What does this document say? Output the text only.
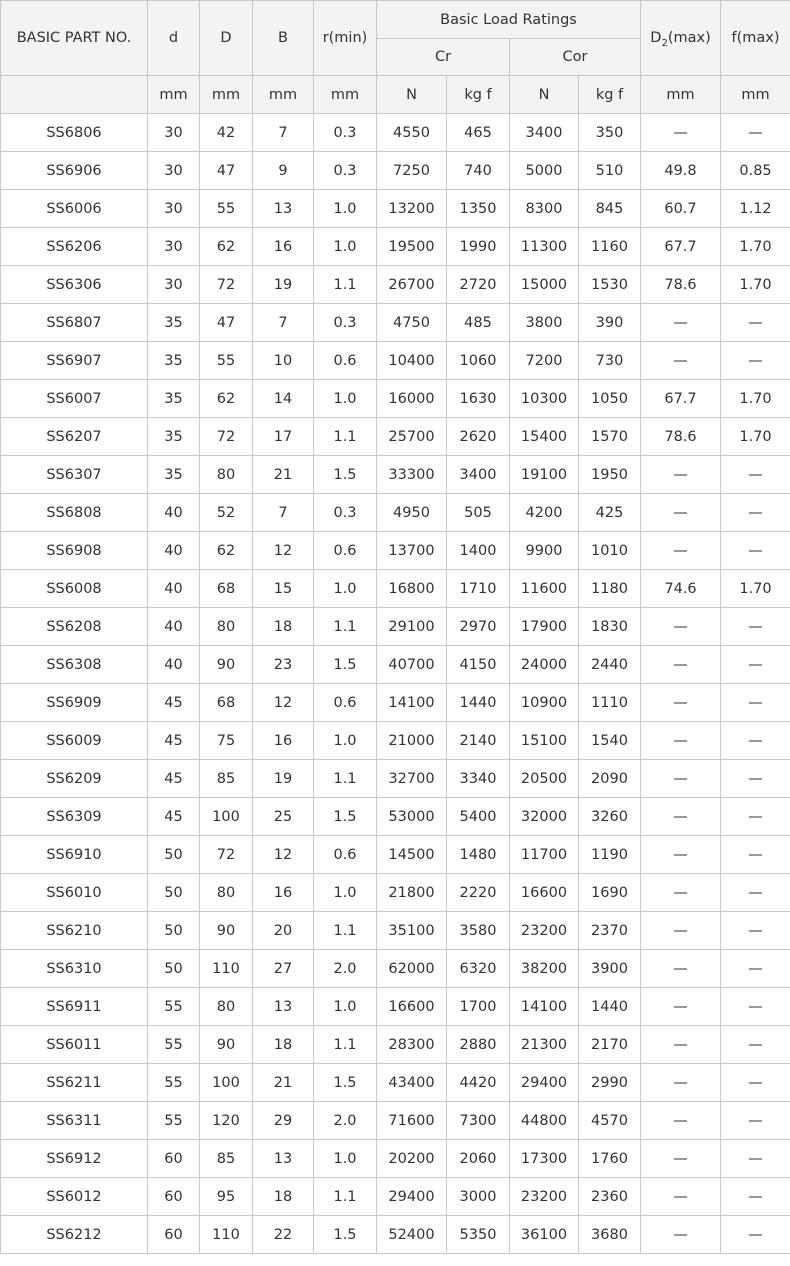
BASIC PART NO.	d	D	B	r(min)	Basic Load Ratings				$D_2(\max)$	f(max)
					Cr		Cor			
	mm	mm	mm	mm	N	kg f	N	kg f	mm	mm
SS6806	30	42	7	0.3	4550	465	3400	350	—	—
SS6906	30	47	9	0.3	7250	740	5000	510	49.8	0.85
SS6006	30	55	13	1.0	13200	1350	8300	845	60.7	1.12
SS6206	30	62	16	1.0	19500	1990	11300	1160	67.7	1.70
SS6306	30	72	19	1.1	26700	2720	15000	1530	78.6	1.70
SS6807	35	47	7	0.3	4750	485	3800	390	—	—
SS6907	35	55	10	0.6	10400	1060	7200	730	—	—
SS6007	35	62	14	1.0	16000	1630	10300	1050	67.7	1.70
SS6207	35	72	17	1.1	25700	2620	15400	1570	78.6	1.70
SS6307	35	80	21	1.5	33300	3400	19100	1950	—	—
SS6808	40	52	7	0.3	4950	505	4200	425	—	—
SS6908	40	62	12	0.6	13700	1400	9900	1010	—	—
SS6008	40	68	15	1.0	16800	1710	11600	1180	74.6	1.70
SS6208	40	80	18	1.1	29100	2970	17900	1830	—	—
SS6308	40	90	23	1.5	40700	4150	24000	2440	—	—
SS6909	45	68	12	0.6	14100	1440	10900	1110	—	—
SS6009	45	75	16	1.0	21000	2140	15100	1540	—	—
SS6209	45	85	19	1.1	32700	3340	20500	2090	—	—
SS6309	45	100	25	1.5	53000	5400	32000	3260	—	—
SS6910	50	72	12	0.6	14500	1480	11700	1190	—	—
SS6010	50	80	16	1.0	21800	2220	16600	1690	—	—
SS6210	50	90	20	1.1	35100	3580	23200	2370	—	—
SS6310	50	110	27	2.0	62000	6320	38200	3900	—	—
SS6911	55	80	13	1.0	16600	1700	14100	1440	—	—
SS6011	55	90	18	1.1	28300	2880	21300	2170	—	—
SS6211	55	100	21	1.5	43400	4420	29400	2990	—	—
SS6311	55	120	29	2.0	71600	7300	44800	4570	—	—
SS6912	60	85	13	1.0	20200	2060	17300	1760	—	—
SS6012	60	95	18	1.1	29400	3000	23200	2360	—	—
SS6212	60	110	22	1.5	52400	5350	36100	3680	—	—
